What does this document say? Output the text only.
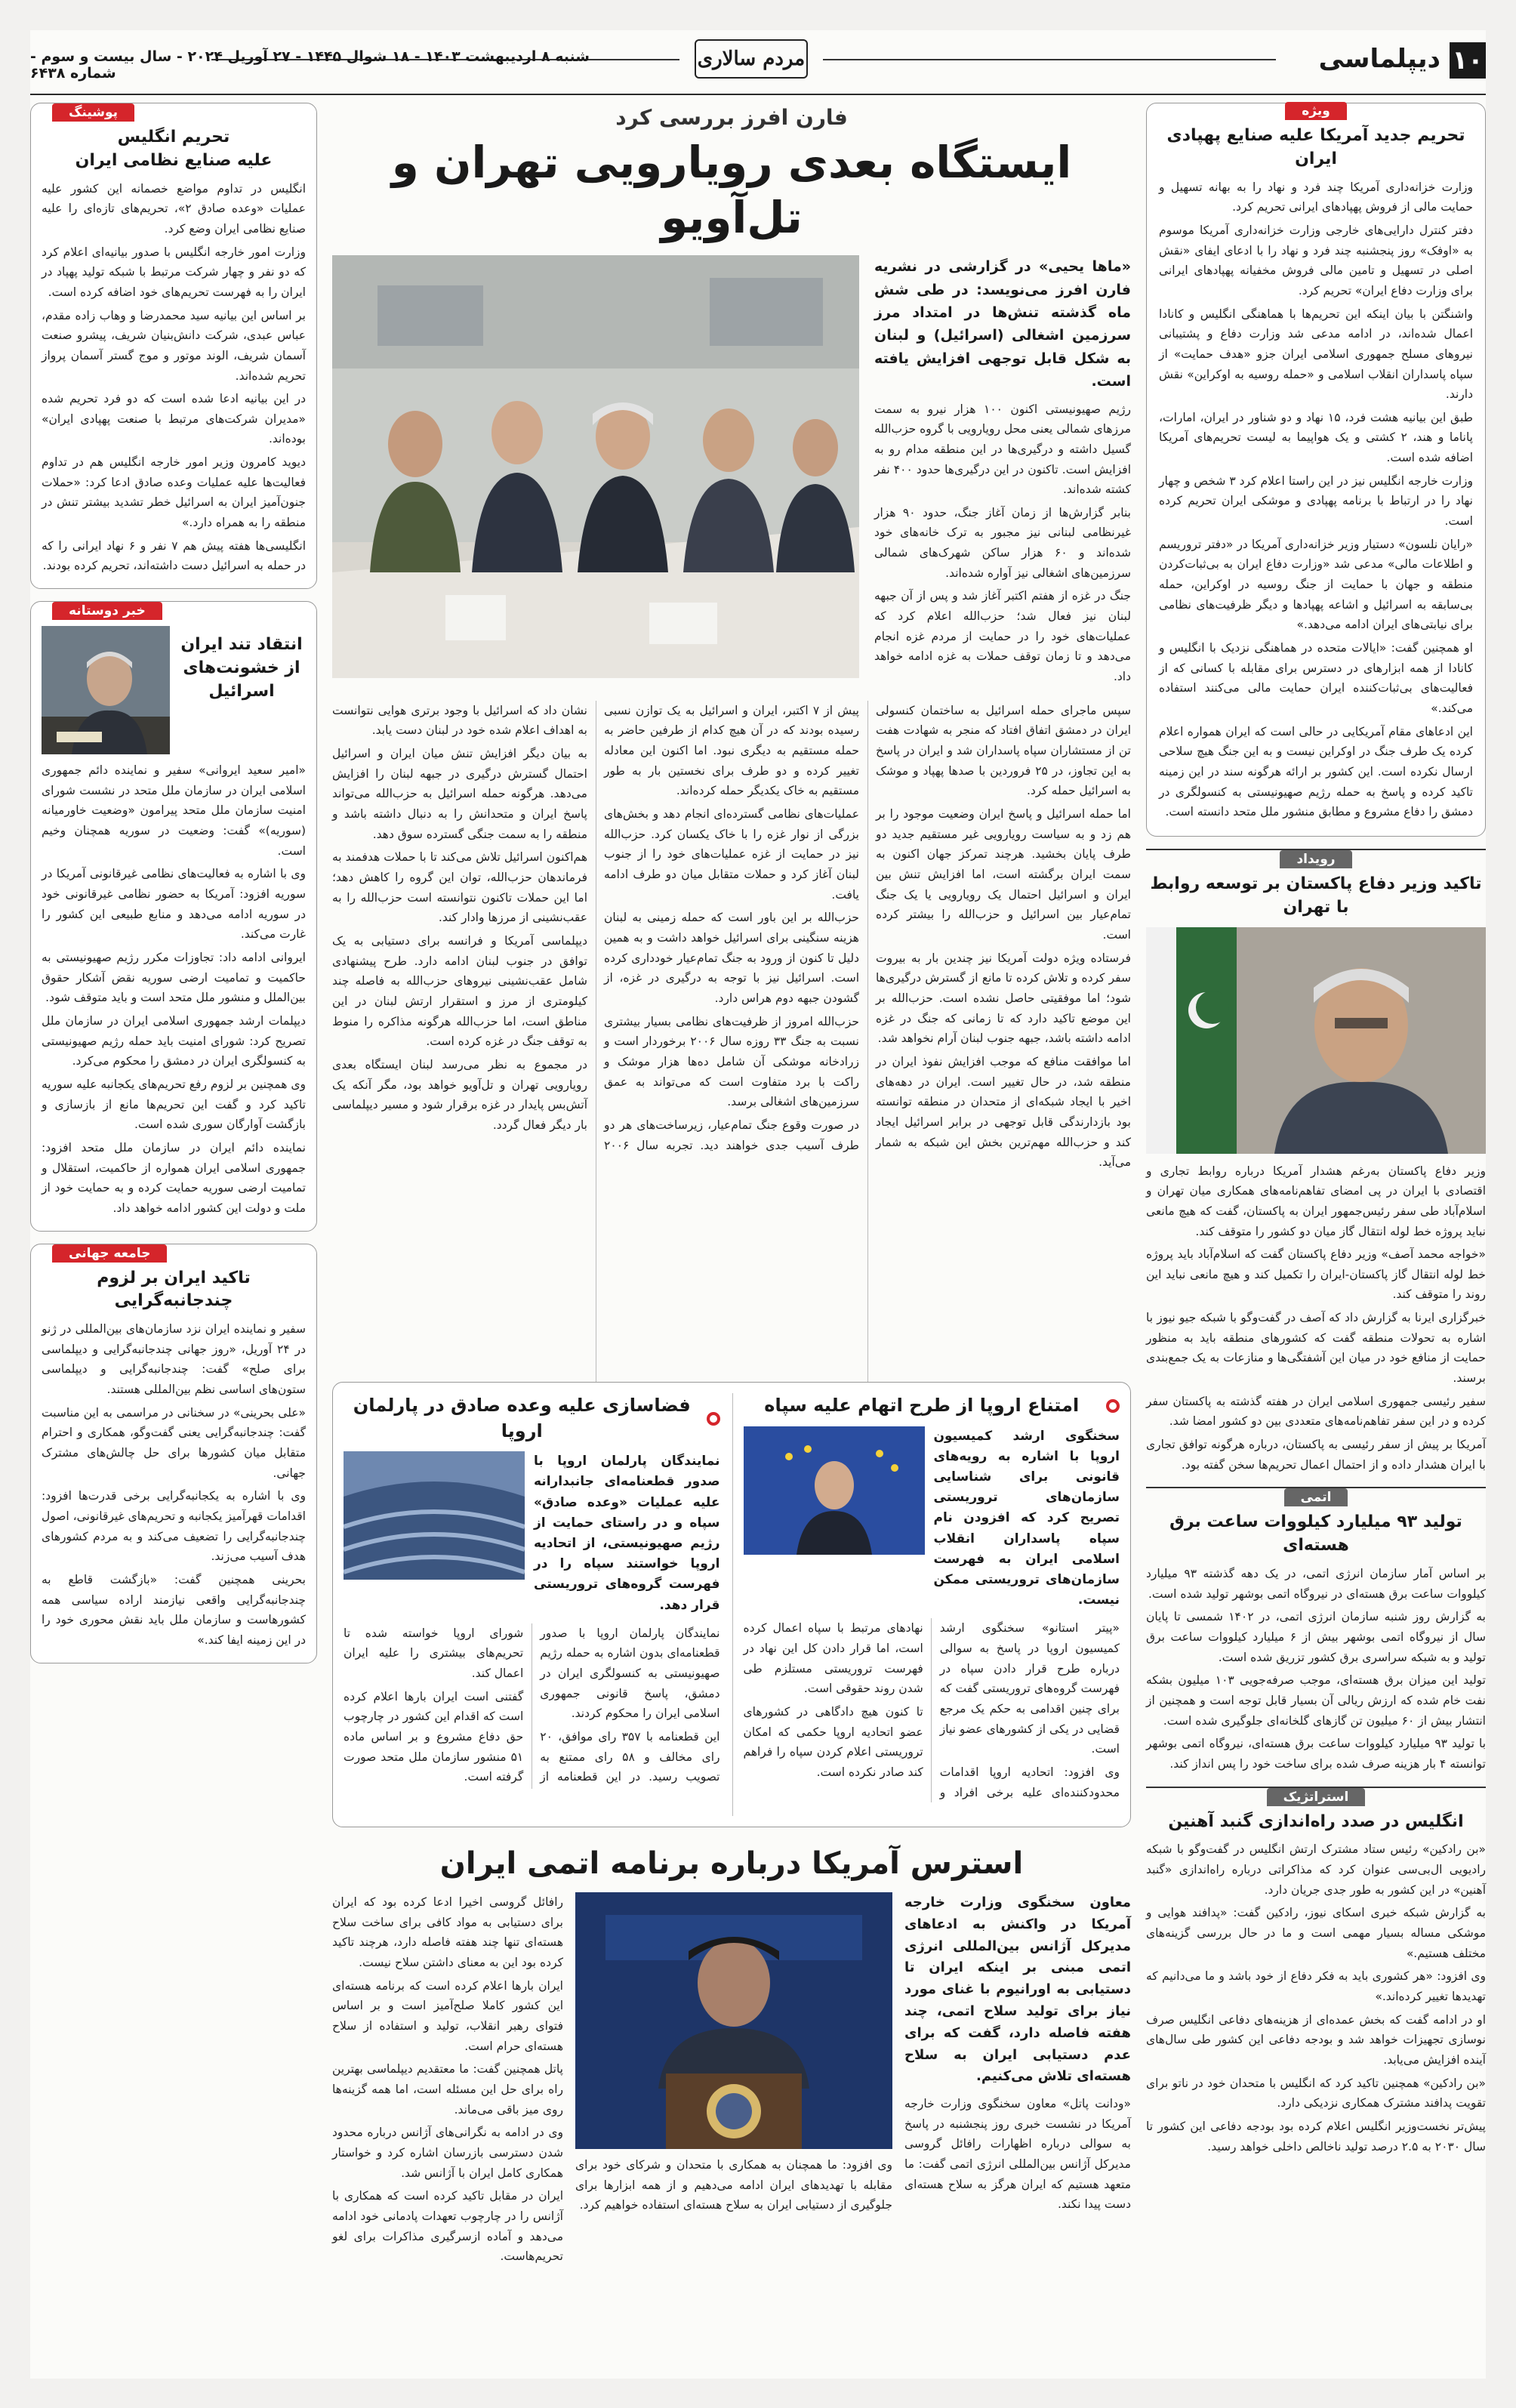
۱۰
دیپلماسی
مردم سالاری
شنبه ۸ اردیبهشت ۱۴۰۳ - ۱۸ شوال ۱۴۴۵ - ۲۷ آوریل ۲۰۲۴ - سال بیست و سوم - شماره ۶۴۳۸
ویژه
تحریم جدید آمریکا علیه صنایع پهپادی ایران

وزارت خزانه‌داری آمریکا چند فرد و نهاد را به بهانه تسهیل و حمایت مالی از فروش پهپادهای ایرانی تحریم کرد.

دفتر کنترل دارایی‌های خارجی وزارت خزانه‌داری آمریکا موسوم به «اوفک» روز پنجشنبه چند فرد و نهاد را با ادعای ایفای «نقش اصلی در تسهیل و تامین مالی فروش مخفیانه پهپادهای ایرانی برای وزارت دفاع ایران» تحریم کرد.

واشنگتن با بیان اینکه این تحریم‌ها با هماهنگی انگلیس و کانادا اعمال شده‌اند، در ادامه مدعی شد وزارت دفاع و پشتیبانی نیروهای مسلح جمهوری اسلامی ایران جزو «هدف حمایت» از سپاه پاسداران انقلاب اسلامی و «حمله روسیه به اوکراین» نقش دارند.

طبق این بیانیه هشت فرد، ۱۵ نهاد و دو شناور در ایران، امارات، پاناما و هند، ۲ کشتی و یک هواپیما به لیست تحریم‌های آمریکا اضافه شده است.

وزارت خارجه انگلیس نیز در این راستا اعلام کرد ۳ شخص و چهار نهاد را در ارتباط با برنامه پهپادی و موشکی ایران تحریم کرده است.

«رایان نلسون» دستیار وزیر خزانه‌داری آمریکا در «دفتر تروریسم و اطلاعات مالی» مدعی شد «وزارت دفاع ایران به بی‌ثبات‌کردن منطقه و جهان با حمایت از جنگ روسیه در اوکراین، حمله بی‌سابقه به اسرائیل و اشاعه پهپادها و دیگر ظرفیت‌های نظامی برای نیابتی‌های ایران ادامه می‌دهد.»

او همچنین گفت: «ایالات متحده در هماهنگی نزدیک با انگلیس و کانادا از همه ابزارهای در دسترس برای مقابله با کسانی که از فعالیت‌های بی‌ثبات‌کننده ایران حمایت مالی می‌کنند استفاده می‌کند.»

این ادعاهای مقام آمریکایی در حالی است که ایران همواره اعلام کرده یک طرف جنگ در اوکراین نیست و به این جنگ هیچ سلاحی ارسال نکرده است. این کشور بر ارائه هرگونه سند در این زمینه تاکید کرده و پاسخ به حمله رژیم صهیونیستی به کنسولگری در دمشق را دفاع مشروع و مطابق منشور ملل متحد دانسته است.

رویداد
تاکید وزیر دفاع پاکستان بر توسعه روابط با تهران

وزیر دفاع پاکستان به‌رغم هشدار آمریکا درباره روابط تجاری و اقتصادی با ایران در پی امضای تفاهم‌نامه‌های همکاری میان تهران و اسلام‌آباد طی سفر رئیس‌جمهور ایران به پاکستان، گفت که هیچ مانعی نباید پروژه خط لوله انتقال گاز میان دو کشور را متوقف کند.

«خواجه محمد آصف» وزیر دفاع پاکستان گفت که اسلام‌آباد باید پروژه خط لوله انتقال گاز پاکستان-ایران را تکمیل کند و هیچ مانعی نباید این روند را متوقف کند.

خبرگزاری ایرنا به گزارش داد که آصف در گفت‌وگو با شبکه جیو نیوز با اشاره به تحولات منطقه گفت که کشورهای منطقه باید به منظور حمایت از منافع خود در میان این آشفتگی‌ها و منازعات به یک جمع‌بندی برسند.

سفیر رئیسی جمهوری اسلامی ایران در هفته گذشته به پاکستان سفر کرده و در این سفر تفاهم‌نامه‌های متعددی بین دو کشور امضا شد.

آمریکا بر پیش از سفر رئیسی به پاکستان، درباره هرگونه توافق تجاری با ایران هشدار داده و از احتمال اعمال تحریم‌ها سخن گفته بود.

اتمی
تولید ۹۳ میلیارد کیلووات ساعت برق هسته‌ای

بر اساس آمار سازمان انرژی اتمی، در یک دهه گذشته ۹۳ میلیارد کیلووات ساعت برق هسته‌ای در نیروگاه اتمی بوشهر تولید شده است.

به گزارش روز شنبه سازمان انرژی اتمی، در ۱۴۰۲ شمسی تا پایان سال از نیروگاه اتمی بوشهر بیش از ۶ میلیارد کیلووات ساعت برق تولید و به شبکه سراسری برق کشور تزریق شده است.

تولید این میزان برق هسته‌ای، موجب صرفه‌جویی ۱۰۳ میلیون بشکه نفت خام شده که ارزش ریالی آن بسیار قابل توجه است و همچنین از انتشار بیش از ۶۰ میلیون تن گازهای گلخانه‌ای جلوگیری شده است.

با تولید ۹۳ میلیارد کیلووات ساعت برق هسته‌ای، نیروگاه اتمی بوشهر توانسته ۴ بار هزینه صرف شده برای ساخت خود را پس انداز کند.

استراتژیک
انگلیس در صدد راه‌اندازی گنبد آهنین

«بن رادکین» رئیس ستاد مشترک ارتش انگلیس در گفت‌وگو با شبکه رادیویی ال‌بی‌سی عنوان کرد که مذاکراتی درباره راه‌اندازی «گنبد آهنین» در این کشور به طور جدی جریان دارد.

به گزارش شبکه خبری اسکای نیوز، رادکین گفت: «پدافند هوایی و موشکی مساله بسیار مهمی است و ما در حال بررسی گزینه‌های مختلف هستیم.»

وی افزود: «هر کشوری باید به فکر دفاع از خود باشد و ما می‌دانیم که تهدیدها تغییر کرده‌اند.»

او در ادامه گفت که بخش عمده‌ای از هزینه‌های دفاعی انگلیس صرف نوسازی تجهیزات خواهد شد و بودجه دفاعی این کشور طی سال‌های آینده افزایش می‌یابد.

«بن رادکین» همچنین تاکید کرد که انگلیس با متحدان خود در ناتو برای تقویت پدافند مشترک همکاری نزدیکی دارد.

پیش‌تر نخست‌وزیر انگلیس اعلام کرده بود بودجه دفاعی این کشور تا سال ۲۰۳۰ به ۲.۵ درصد تولید ناخالص داخلی خواهد رسید.

پوشینگ
تحریم انگلیس
علیه صنایع نظامی ایران

انگلیس در تداوم مواضع خصمانه این کشور علیه عملیات «وعده صادق ۲»، تحریم‌های تازه‌ای را علیه صنایع نظامی ایران وضع کرد.

وزارت امور خارجه انگلیس با صدور بیانیه‌ای اعلام کرد که دو نفر و چهار شرکت مرتبط با شبکه تولید پهپاد در ایران را به فهرست تحریم‌های خود اضافه کرده است.

بر اساس این بیانیه سید محمدرضا و وهاب زاده مقدم، عباس عبدی، شرکت دانش‌بنیان شریف، پیشرو صنعت آسمان شریف، الوند موتور و موج گستر آسمان پرواز تحریم شده‌اند.

در این بیانیه ادعا شده است که دو فرد تحریم شده «مدیران شرکت‌های مرتبط با صنعت پهپادی ایران» بوده‌اند.

دیوید کامرون وزیر امور خارجه انگلیس هم در تداوم فعالیت‌ها علیه عملیات وعده صادق ادعا کرد: «حملات جنون‌آمیز ایران به اسرائیل خطر تشدید بیشتر تنش در منطقه را به همراه دارد.»

انگلیسی‌ها هفته پیش هم ۷ نفر و ۶ نهاد ایرانی را که در حمله به اسرائیل دست داشته‌اند، تحریم کرده بودند.

خبر دوستانه
انتقاد تند ایران از خشونت‌های اسرائیل

«امیر سعید ایروانی» سفیر و نماینده دائم جمهوری اسلامی ایران در سازمان ملل متحد در نشست شورای امنیت سازمان ملل متحد پیرامون «وضعیت خاورمیانه (سوریه)» گفت: وضعیت در سوریه همچنان وخیم است.

وی با اشاره به فعالیت‌های نظامی غیرقانونی آمریکا در سوریه افزود: آمریکا به حضور نظامی غیرقانونی خود در سوریه ادامه می‌دهد و منابع طبیعی این کشور را غارت می‌کند.

ایروانی ادامه داد: تجاوزات مکرر رژیم صهیونیستی به حاکمیت و تمامیت ارضی سوریه نقض آشکار حقوق بین‌الملل و منشور ملل متحد است و باید متوقف شود.

دیپلمات ارشد جمهوری اسلامی ایران در سازمان ملل تصریح کرد: شورای امنیت باید حمله رژیم صهیونیستی به کنسولگری ایران در دمشق را محکوم می‌کرد.

وی همچنین بر لزوم رفع تحریم‌های یکجانبه علیه سوریه تاکید کرد و گفت این تحریم‌ها مانع از بازسازی و بازگشت آوارگان سوری شده است.

نماینده دائم ایران در سازمان ملل متحد افزود: جمهوری اسلامی ایران همواره از حاکمیت، استقلال و تمامیت ارضی سوریه حمایت کرده و به حمایت خود از ملت و دولت این کشور ادامه خواهد داد.

جامعه جهانی
تاکید ایران بر لزوم چندجانبه‌گرایی

سفیر و نماینده ایران نزد سازمان‌های بین‌المللی در ژنو در ۲۴ آوریل، «روز جهانی چندجانبه‌گرایی و دیپلماسی برای صلح» گفت: چندجانبه‌گرایی و دیپلماسی ستون‌های اساسی نظم بین‌المللی هستند.

«علی بحرینی» در سخنانی در مراسمی به این مناسبت گفت: چندجانبه‌گرایی یعنی گفت‌وگو، همکاری و احترام متقابل میان کشورها برای حل چالش‌های مشترک جهانی.

وی با اشاره به یکجانبه‌گرایی برخی قدرت‌ها افزود: اقدامات قهرآمیز یکجانبه و تحریم‌های غیرقانونی، اصول چندجانبه‌گرایی را تضعیف می‌کند و به مردم کشورهای هدف آسیب می‌زند.

بحرینی همچنین گفت: «بازگشت قاطع به چندجانبه‌گرایی واقعی نیازمند اراده سیاسی همه کشورهاست و سازمان ملل باید نقش محوری خود را در این زمینه ایفا کند.»

فارن افرز بررسی کرد
ایستگاه بعدی رویارویی تهران و تل‌آویو
«ماها یحیی» در گزارشی در نشریه فارن افرز می‌نویسد: در طی شش ماه گذشته تنش‌ها در امتداد مرز سرزمین اشغالی (اسرائیل) و لبنان به شکل قابل توجهی افزایش یافته است.

رژیم صهیونیستی اکنون ۱۰۰ هزار نیرو به سمت مرزهای شمالی یعنی محل رویارویی با گروه حزب‌الله گسیل داشته و درگیری‌ها در این منطقه مدام رو به افزایش است. تاکنون در این درگیری‌ها حدود ۴۰۰ نفر کشته شده‌اند.

بنابر گزارش‌ها از زمان آغاز جنگ، حدود ۹۰ هزار غیرنظامی لبنانی نیز مجبور به ترک خانه‌های خود شده‌اند و ۶۰ هزار ساکن شهرک‌های شمالی سرزمین‌های اشغالی نیز آواره شده‌اند.

جنگ در غزه از هفتم اکتبر آغاز شد و پس از آن جبهه لبنان نیز فعال شد؛ حزب‌الله اعلام کرد که عملیات‌های خود را در حمایت از مردم غزه انجام می‌دهد و تا زمان توقف حملات به غزه ادامه خواهد داد.

سپس ماجرای حمله اسرائیل به ساختمان کنسولی ایران در دمشق اتفاق افتاد که منجر به شهادت هفت تن از مستشاران سپاه پاسداران شد و ایران در پاسخ به این تجاوز، در ۲۵ فروردین با صدها پهپاد و موشک به اسرائیل حمله کرد.

اما حمله اسرائیل و پاسخ ایران وضعیت موجود را بر هم زد و به سیاست رویارویی غیر مستقیم جدید دو طرف پایان بخشید. هرچند تمرکز جهان اکنون به سمت ایران برگشته است، اما افزایش تنش بین ایران و اسرائیل احتمال یک رویارویی یا یک جنگ تمام‌عیار بین اسرائیل و حزب‌الله را بیشتر کرده است.

فرستاده ویژه دولت آمریکا نیز چندین بار به بیروت سفر کرده و تلاش کرده تا مانع از گسترش درگیری‌ها شود؛ اما موفقیتی حاصل نشده است. حزب‌الله بر این موضع تاکید دارد که تا زمانی که جنگ در غزه ادامه داشته باشد، جبهه جنوب لبنان آرام نخواهد شد.

اما موافقت منافع که موجب افزایش نفوذ ایران در منطقه شد، در حال تغییر است. ایران در دهه‌های اخیر با ایجاد شبکه‌ای از متحدان در منطقه توانسته بود بازدارندگی قابل توجهی در برابر اسرائیل ایجاد کند و حزب‌الله مهم‌ترین بخش این شبکه به شمار می‌آید.

پیش از ۷ اکتبر، ایران و اسرائیل به یک توازن نسبی رسیده بودند که در آن هیچ کدام از طرفین حاضر به حمله مستقیم به دیگری نبود. اما اکنون این معادله تغییر کرده و دو طرف برای نخستین بار به طور مستقیم به خاک یکدیگر حمله کرده‌اند.

عملیات‌های نظامی گسترده‌ای انجام دهد و بخش‌های بزرگی از نوار غزه را با خاک یکسان کرد. حزب‌الله نیز در حمایت از غزه عملیات‌های خود را از جنوب لبنان آغاز کرد و حملات متقابل میان دو طرف ادامه یافت.

حزب‌الله بر این باور است که حمله زمینی به لبنان هزینه سنگینی برای اسرائیل خواهد داشت و به همین دلیل تا کنون از ورود به جنگ تمام‌عیار خودداری کرده است. اسرائیل نیز با توجه به درگیری در غزه، از گشودن جبهه دوم هراس دارد.

حزب‌الله امروز از ظرفیت‌های نظامی بسیار بیشتری نسبت به جنگ ۳۳ روزه سال ۲۰۰۶ برخوردار است و زرادخانه موشکی آن شامل ده‌ها هزار موشک و راکت با برد متفاوت است که می‌تواند به عمق سرزمین‌های اشغالی برسد.

در صورت وقوع جنگ تمام‌عیار، زیرساخت‌های هر دو طرف آسیب جدی خواهند دید. تجربه سال ۲۰۰۶ نشان داد که اسرائیل با وجود برتری هوایی نتوانست به اهداف اعلام شده خود در لبنان دست یابد.

به بیان دیگر افزایش تنش میان ایران و اسرائیل احتمال گسترش درگیری در جبهه لبنان را افزایش می‌دهد. هرگونه حمله اسرائیل به حزب‌الله می‌تواند پاسخ ایران و متحدانش را به دنبال داشته باشد و منطقه را به سمت جنگی گسترده سوق دهد.

هم‌اکنون اسرائیل تلاش می‌کند تا با حملات هدفمند به فرماندهان حزب‌الله، توان این گروه را کاهش دهد؛ اما این حملات تاکنون نتوانسته است حزب‌الله را به عقب‌نشینی از مرزها وادار کند.

دیپلماسی آمریکا و فرانسه برای دستیابی به یک توافق در جنوب لبنان ادامه دارد. طرح پیشنهادی شامل عقب‌نشینی نیروهای حزب‌الله به فاصله چند کیلومتری از مرز و استقرار ارتش لبنان در این مناطق است، اما حزب‌الله هرگونه مذاکره را منوط به توقف جنگ در غزه کرده است.

در مجموع به نظر می‌رسد لبنان ایستگاه بعدی رویارویی تهران و تل‌آویو خواهد بود، مگر آنکه یک آتش‌بس پایدار در غزه برقرار شود و مسیر دیپلماسی بار دیگر فعال گردد.

امتناع اروپا از طرح اتهام علیه سپاه
سخنگوی ارشد کمیسیون اروپا با اشاره به رویه‌های قانونی برای شناسایی سازمان‌های تروریستی تصریح کرد که افزودن نام سپاه پاسداران انقلاب اسلامی ایران به فهرست سازمان‌های تروریستی ممکن نیست.

«پیتر استانو» سخنگوی ارشد کمیسیون اروپا در پاسخ به سوالی درباره طرح قرار دادن سپاه در فهرست گروه‌های تروریستی گفت که برای چنین اقدامی به حکم یک مرجع قضایی در یکی از کشورهای عضو نیاز است.

وی افزود: اتحادیه اروپا اقدامات محدودکننده‌ای علیه برخی افراد و نهادهای مرتبط با سپاه اعمال کرده است، اما قرار دادن کل این نهاد در فهرست تروریستی مستلزم طی شدن روند حقوقی است.

تا کنون هیچ دادگاهی در کشورهای عضو اتحادیه اروپا حکمی که امکان تروریستی اعلام کردن سپاه را فراهم کند صادر نکرده است.

فضاسازی علیه وعده صادق در پارلمان اروپا
نمایندگان پارلمان اروپا با صدور قطعنامه‌ای جانبدارانه علیه عملیات «وعده صادق» سپاه و در راستای حمایت از رژیم صهیونیستی، از اتحادیه اروپا خواستند سپاه را در فهرست گروه‌های تروریستی قرار دهد.

نمایندگان پارلمان اروپا با صدور قطعنامه‌ای بدون اشاره به حمله رژیم صهیونیستی به کنسولگری ایران در دمشق، پاسخ قانونی جمهوری اسلامی ایران را محکوم کردند.

این قطعنامه با ۳۵۷ رای موافق، ۲۰ رای مخالف و ۵۸ رای ممتنع به تصویب رسید. در این قطعنامه از شورای اروپا خواسته شده تا تحریم‌های بیشتری را علیه ایران اعمال کند.

گفتنی است ایران بارها اعلام کرده است که اقدام این کشور در چارچوب حق دفاع مشروع و بر اساس ماده ۵۱ منشور سازمان ملل متحد صورت گرفته است.

استرس آمریکا درباره برنامه اتمی ایران
معاون سخنگوی وزارت خارجه آمریکا در واکنش به ادعاهای مدیرکل آژانس بین‌المللی انرژی اتمی مبنی بر اینکه ایران تا دستیابی به اورانیوم با غنای مورد نیاز برای تولید سلاح اتمی، چند هفته فاصله دارد، گفت که برای عدم دستیابی ایران به سلاح هسته‌ای تلاش می‌کنیم.

«ودانت پاتل» معاون سخنگوی وزارت خارجه آمریکا در نشست خبری روز پنجشنبه در پاسخ به سوالی درباره اظهارات رافائل گروسی مدیرکل آژانس بین‌المللی انرژی اتمی گفت: ما متعهد هستیم که ایران هرگز به سلاح هسته‌ای دست پیدا نکند.

وی افزود: ما همچنان به همکاری با متحدان و شرکای خود برای مقابله با تهدیدهای ایران ادامه می‌دهیم و از همه ابزارها برای جلوگیری از دستیابی ایران به سلاح هسته‌ای استفاده خواهیم کرد.

رافائل گروسی اخیرا ادعا کرده بود که ایران برای دستیابی به مواد کافی برای ساخت سلاح هسته‌ای تنها چند هفته فاصله دارد، هرچند تاکید کرده بود این به معنای داشتن سلاح نیست.

ایران بارها اعلام کرده است که برنامه هسته‌ای این کشور کاملا صلح‌آمیز است و بر اساس فتوای رهبر انقلاب، تولید و استفاده از سلاح هسته‌ای حرام است.

پاتل همچنین گفت: ما معتقدیم دیپلماسی بهترین راه برای حل این مسئله است، اما همه گزینه‌ها روی میز باقی می‌ماند.

وی در ادامه به نگرانی‌های آژانس درباره محدود شدن دسترسی بازرسان اشاره کرد و خواستار همکاری کامل ایران با آژانس شد.

ایران در مقابل تاکید کرده است که همکاری با آژانس را در چارچوب تعهدات پادمانی خود ادامه می‌دهد و آماده ازسرگیری مذاکرات برای لغو تحریم‌هاست.
